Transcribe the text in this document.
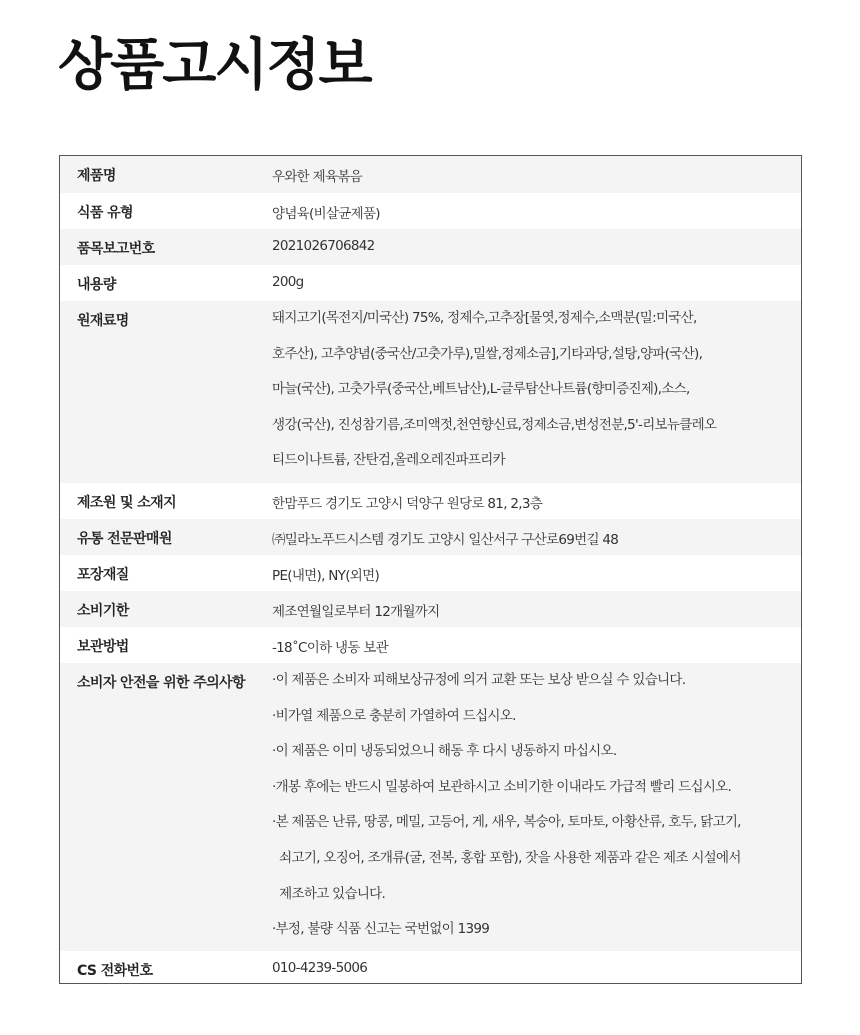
상품고시정보
제품명	우와한 제육볶음
식품 유형	양념육(비살균제품)
품목보고번호	2021026706842
내용량	200g
원재료명	돼지고기(목전지/미국산) 75%, 정제수,고추장[물엿,정제수,소맥분(밀:미국산,
호주산), 고추양념(중국산/고춧가루),밀쌀,정제소금],기타과당,설탕,양파(국산),
마늘(국산), 고춧가루(중국산,베트남산),L-글루탐산나트륨(향미증진제),소스,
생강(국산), 진성참기름,조미액젓,천연향신료,정제소금,변성전분,5'-리보뉴클레오
티드이나트륨, 잔탄검,올레오레진파프리카
제조원 및 소재지	한맘푸드 경기도 고양시 덕양구 원당로 81, 2,3층
유통 전문판매원	㈜밀라노푸드시스템 경기도 고양시 일산서구 구산로69번길 48
포장재질	PE(내면), NY(외면)
소비기한	제조연월일로부터 12개월까지
보관방법	-18˚C이하 냉동 보관
소비자 안전을 위한 주의사항	·이 제품은 소비자 피해보상규정에 의거 교환 또는 보상 받으실 수 있습니다.
·비가열 제품으로 충분히 가열하여 드십시오.
·이 제품은 이미 냉동되었으니 해동 후 다시 냉동하지 마십시오.
·개봉 후에는 반드시 밀봉하여 보관하시고 소비기한 이내라도 가급적 빨리 드십시오.
·본 제품은 난류, 땅콩, 메밀, 고등어, 게, 새우, 복숭아, 토마토, 아황산류, 호두, 닭고기,
쇠고기, 오징어, 조개류(굴, 전복, 홍합 포함), 잣을 사용한 제품과 같은 제조 시설에서
제조하고 있습니다.
·부정, 불량 식품 신고는 국번없이 1399
CS 전화번호	010-4239-5006
